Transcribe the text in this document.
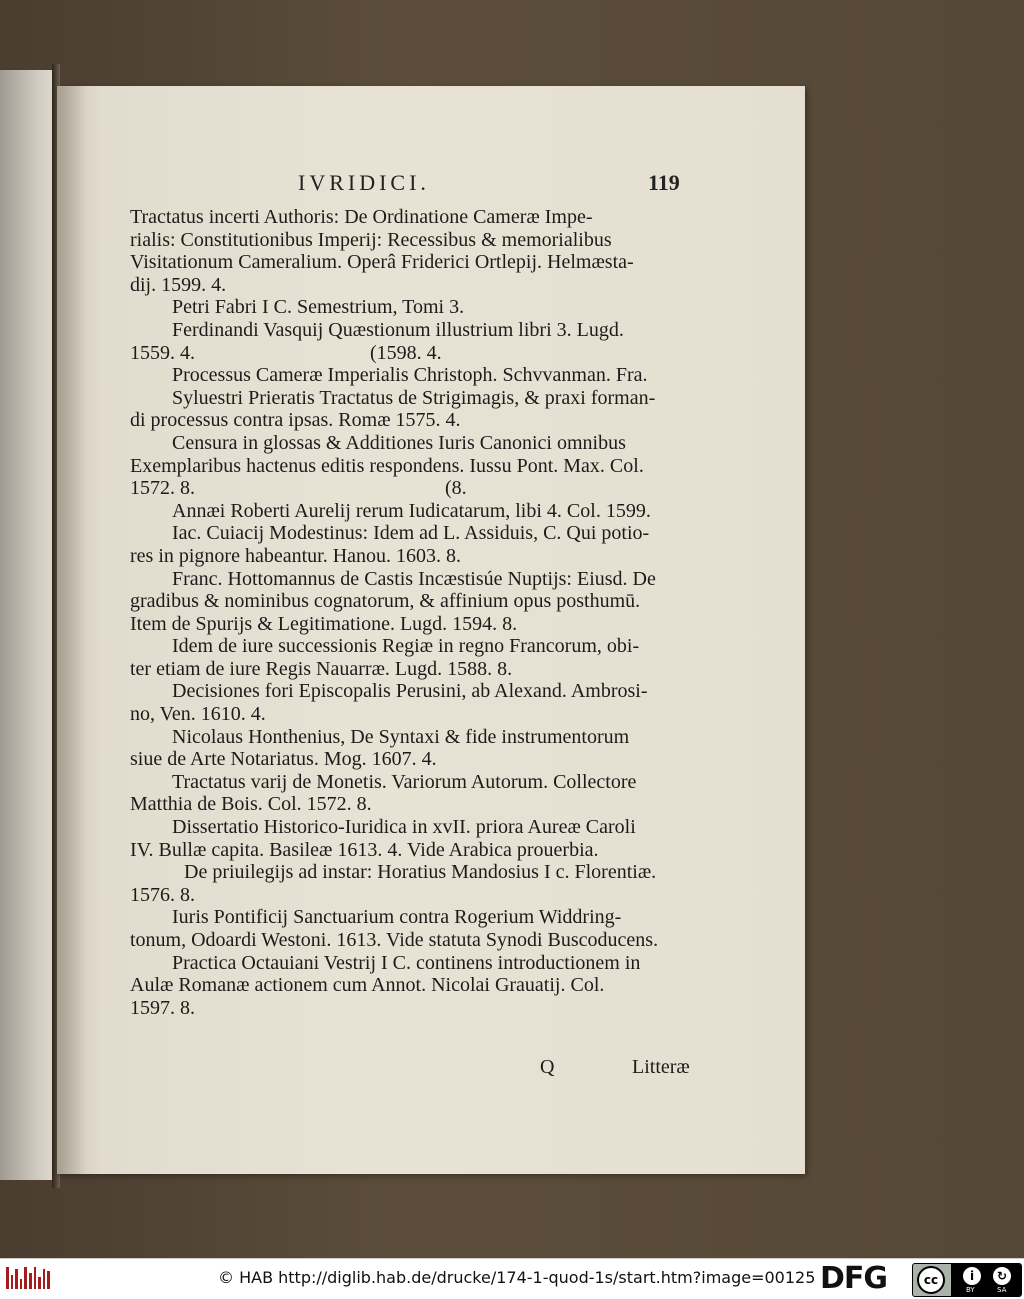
IVRIDICI.	119
Tractatus incerti Authoris: De Ordinatione Cameræ Impe-
rialis: Constitutionibus Imperij: Recessibus & memorialibus
Visitationum Cameralium. Operâ Friderici Ortlepij. Helmæsta-
dij. 1599. 4.
Petri Fabri I C. Semestrium, Tomi 3.
Ferdinandi Vasquij Quæstionum illustrium libri 3. Lugd.
1559. 4.                                   (1598. 4.
Processus Cameræ Imperialis Christoph. Schvvanman. Fra.
Syluestri Prieratis Tractatus de Strigimagis, & praxi forman-
di processus contra ipsas. Romæ 1575. 4.
Censura in glossas & Additiones Iuris Canonici omnibus
Exemplaribus hactenus editis respondens. Iussu Pont. Max. Col.
1572. 8.                                                  (8.
Annæi Roberti Aurelij rerum Iudicatarum, libi 4. Col. 1599.
Iac. Cuiacij Modestinus: Idem ad L. Assiduis, C. Qui potio-
res in pignore habeantur. Hanou. 1603. 8.
Franc. Hottomannus de Castis Incæstisúe Nuptijs: Eiusd. De
gradibus & nominibus cognatorum, & affinium opus posthumū.
Item de Spurijs & Legitimatione. Lugd. 1594. 8.
Idem de iure successionis Regiæ in regno Francorum, obi-
ter etiam de iure Regis Nauarræ. Lugd. 1588. 8.
Decisiones fori Episcopalis Perusini, ab Alexand. Ambrosi-
no, Ven. 1610. 4.
Nicolaus Honthenius, De Syntaxi & fide instrumentorum
siue de Arte Notariatus. Mog. 1607. 4.
Tractatus varij de Monetis. Variorum Autorum. Collectore
Matthia de Bois. Col. 1572. 8.
Dissertatio Historico-Iuridica in xvII. priora Aureæ Caroli
IV. Bullæ capita. Basileæ 1613. 4. Vide Arabica prouerbia.
De priuilegijs ad instar: Horatius Mandosius I c. Florentiæ.
1576. 8.
Iuris Pontificij Sanctuarium contra Rogerium Widdring-
tonum, Odoardi Westoni. 1613. Vide statuta Synodi Buscoducens.
Practica Octauiani Vestrij I C. continens introductionem in
Aulæ Romanæ actionem cum Annot. Nicolai Grauatij. Col.
1597. 8.
Q	Litteræ
© HAB http://diglib.hab.de/drucke/174-1-quod-1s/start.htm?image=00125 DFG	cc	i	↻
BY	SA
